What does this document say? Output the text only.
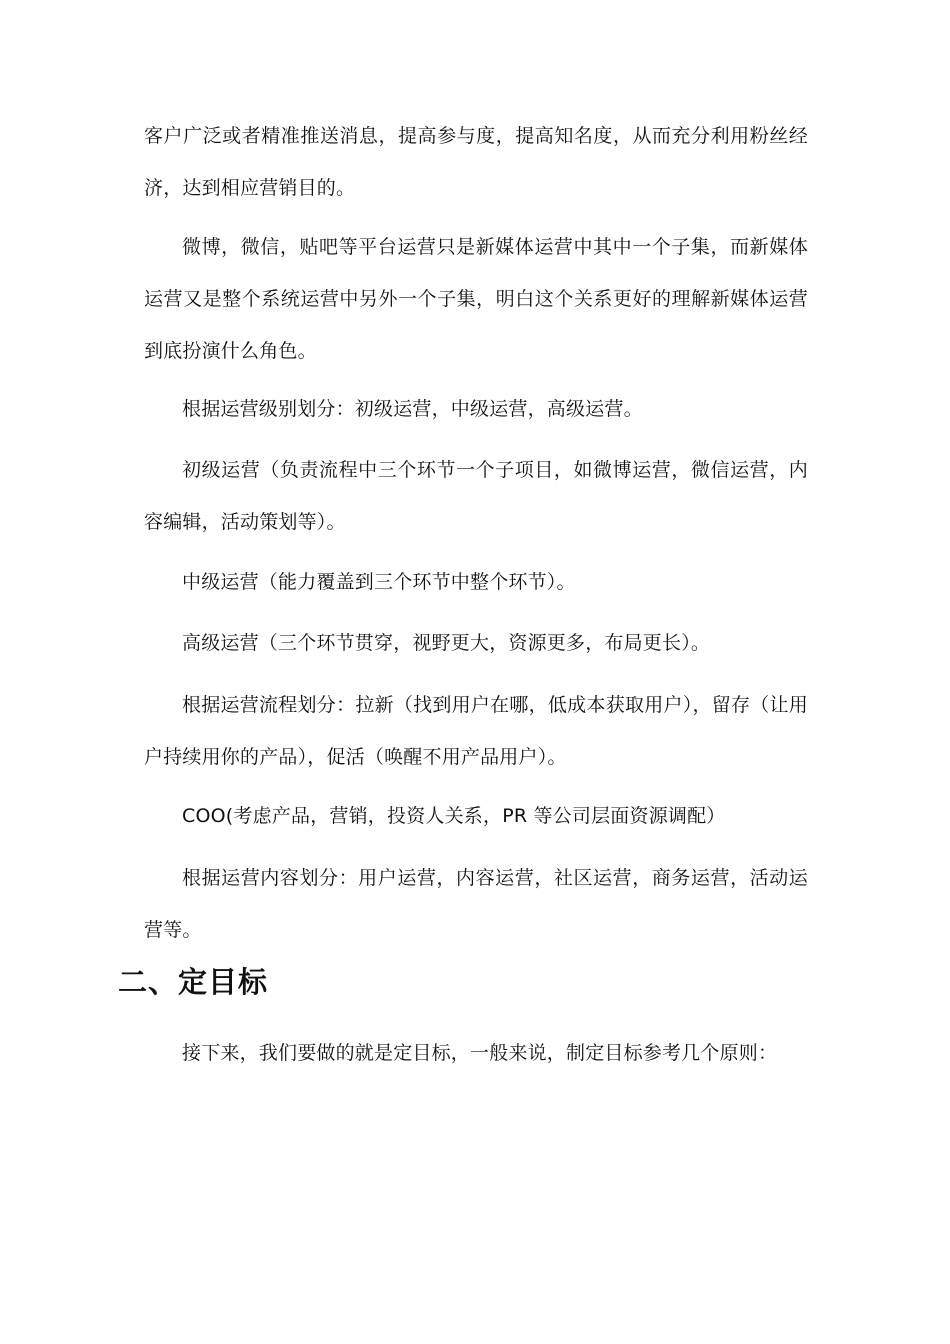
客户广泛或者精准推送消息，提高参与度，提高知名度，从而充分利用粉丝经济，达到相应营销目的。

微博，微信，贴吧等平台运营只是新媒体运营中其中一个子集，而新媒体运营又是整个系统运营中另外一个子集，明白这个关系更好的理解新媒体运营到底扮演什么角色。

根据运营级别划分：初级运营，中级运营，高级运营。

初级运营（负责流程中三个环节一个子项目，如微博运营，微信运营，内容编辑，活动策划等）。

中级运营（能力覆盖到三个环节中整个环节）。

高级运营（三个环节贯穿，视野更大，资源更多，布局更长）。

根据运营流程划分：拉新（找到用户在哪，低成本获取用户），留存（让用户持续用你的产品），促活（唤醒不用产品用户）。

COO(考虑产品，营销，投资人关系，PR 等公司层面资源调配）

根据运营内容划分：用户运营，内容运营，社区运营，商务运营，活动运营等。

二、定目标

接下来，我们要做的就是定目标，一般来说，制定目标参考几个原则：
